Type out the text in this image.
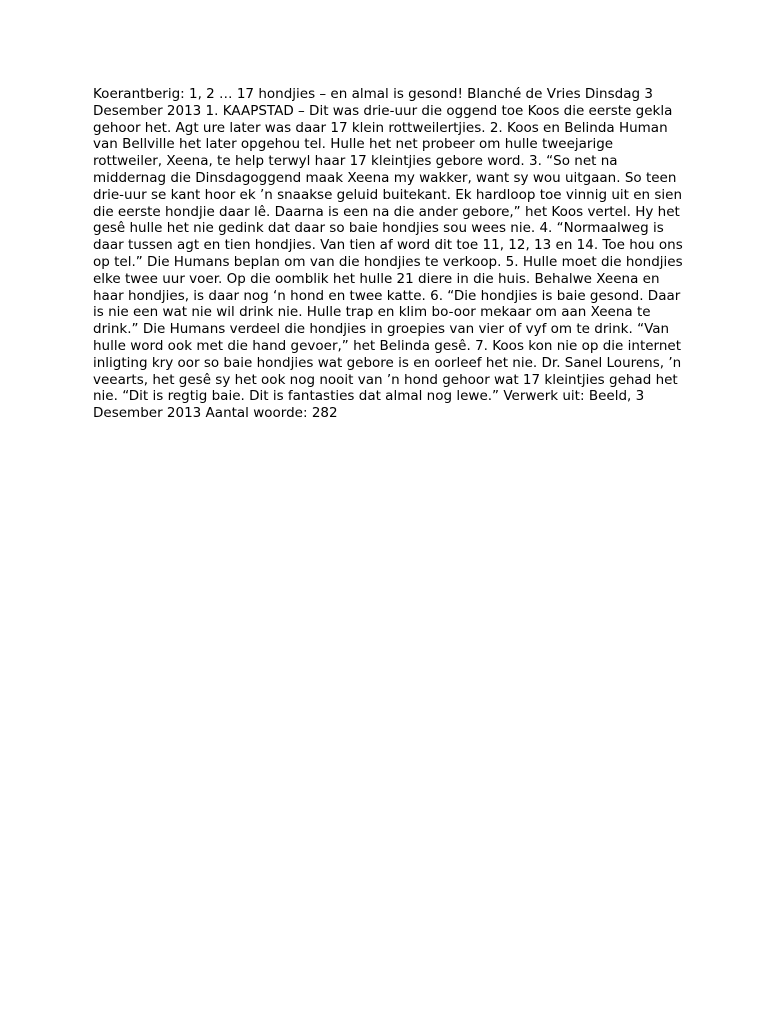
Koerantberig: 1, 2 … 17 hondjies – en almal is gesond! Blanché de Vries Dinsdag 3 Desember 2013 1. KAAPSTAD – Dit was drie-uur die oggend toe Koos die eerste gekla gehoor het. Agt ure later was daar 17 klein rottweilertjies. 2. Koos en Belinda Human van Bellville het later opgehou tel. Hulle het net probeer om hulle tweejarige rottweiler, Xeena, te help terwyl haar 17 kleintjies gebore word. 3. “So net na middernag die Dinsdagoggend maak Xeena my wakker, want sy wou uitgaan. So teen drie-uur se kant hoor ek ’n snaakse geluid buitekant. Ek hardloop toe vinnig uit en sien die eerste hondjie daar lê. Daarna is een na die ander gebore,” het Koos vertel. Hy het gesê hulle het nie gedink dat daar so baie hondjies sou wees nie. 4. “Normaalweg is daar tussen agt en tien hondjies. Van tien af word dit toe 11, 12, 13 en 14. Toe hou ons op tel.” Die Humans beplan om van die hondjies te verkoop. 5. Hulle moet die hondjies elke twee uur voer. Op die oomblik het hulle 21 diere in die huis. Behalwe Xeena en haar hondjies, is daar nog ‘n hond en twee katte. 6. “Die hondjies is baie gesond. Daar is nie een wat nie wil drink nie. Hulle trap en klim bo-oor mekaar om aan Xeena te drink.” Die Humans verdeel die hondjies in groepies van vier of vyf om te drink. “Van hulle word ook met die hand gevoer,” het Belinda gesê. 7. Koos kon nie op die internet inligting kry oor so baie hondjies wat gebore is en oorleef het nie. Dr. Sanel Lourens, ’n veearts, het gesê sy het ook nog nooit van ’n hond gehoor wat 17 kleintjies gehad het nie. “Dit is regtig baie. Dit is fantasties dat almal nog lewe.” Verwerk uit: Beeld, 3 Desember 2013 Aantal woorde: 282
